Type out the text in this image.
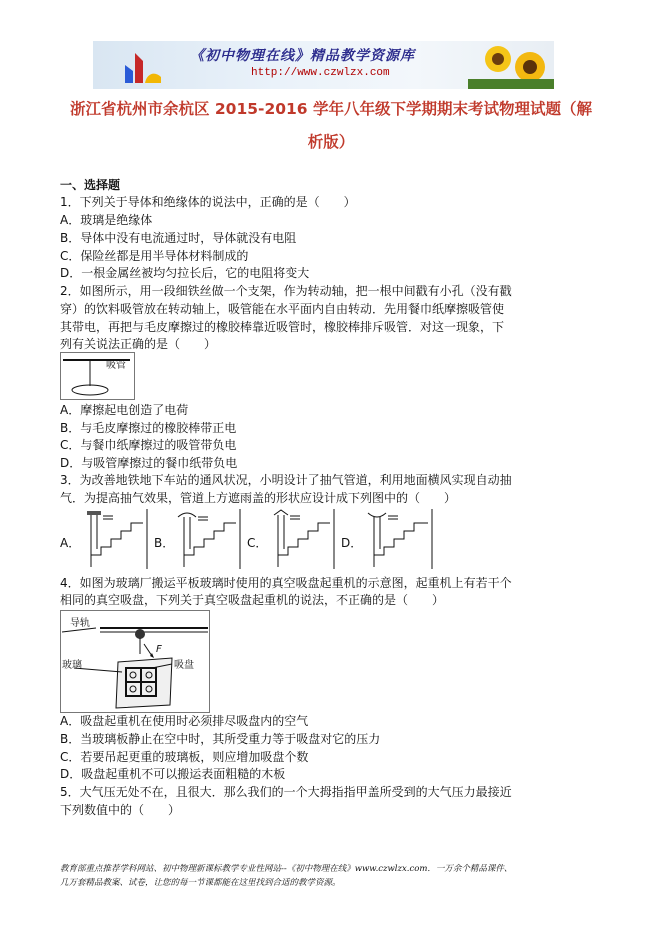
《初中物理在线》精品教学资源库
http://www.czwlzx.com
浙江省杭州市余杭区 2015-2016 学年八年级下学期期末考试物理试题（解
析版）
一、选择题
1．下列关于导体和绝缘体的说法中，正确的是（　　）
A．玻璃是绝缘体
B．导体中没有电流通过时，导体就没有电阻
C．保险丝都是用半导体材料制成的
D．一根金属丝被均匀拉长后，它的电阻将变大
2．如图所示，用一段细铁丝做一个支架，作为转动轴，把一根中间戳有小孔（没有戳
穿）的饮料吸管放在转动轴上，吸管能在水平面内自由转动．先用餐巾纸摩擦吸管使
其带电，再把与毛皮摩擦过的橡胶棒靠近吸管时，橡胶棒排斥吸管．对这一现象，下
列有关说法正确的是（　　）
吸管
A．摩擦起电创造了电荷
B．与毛皮摩擦过的橡胶棒带正电
C．与餐巾纸摩擦过的吸管带负电
D．与吸管摩擦过的餐巾纸带负电
3．为改善地铁地下车站的通风状况，小明设计了抽气管道，利用地面横风实现自动抽
气．为提高抽气效果，管道上方遮雨盖的形状应设计成下列图中的（　　）
A．	B．	C．	D．
4．如图为玻璃厂搬运平板玻璃时使用的真空吸盘起重机的示意图，起重机上有若干个
相同的真空吸盘，下列关于真空吸盘起重机的说法，不正确的是（　　）
导轨
F
玻璃	吸盘
A．吸盘起重机在使用时必须排尽吸盘内的空气
B．当玻璃板静止在空中时，其所受重力等于吸盘对它的压力
C．若要吊起更重的玻璃板，则应增加吸盘个数
D．吸盘起重机不可以搬运表面粗糙的木板
5．大气压无处不在，且很大．那么我们的一个大拇指指甲盖所受到的大气压力最接近
下列数值中的（　　）
教育部重点推荐学科网站、初中物理新课标教学专业性网站--《初中物理在线》www.czwlzx.com．一万余个精品课件、
几万套精品教案、试卷，让您的每一节课都能在这里找到合适的教学资源。
